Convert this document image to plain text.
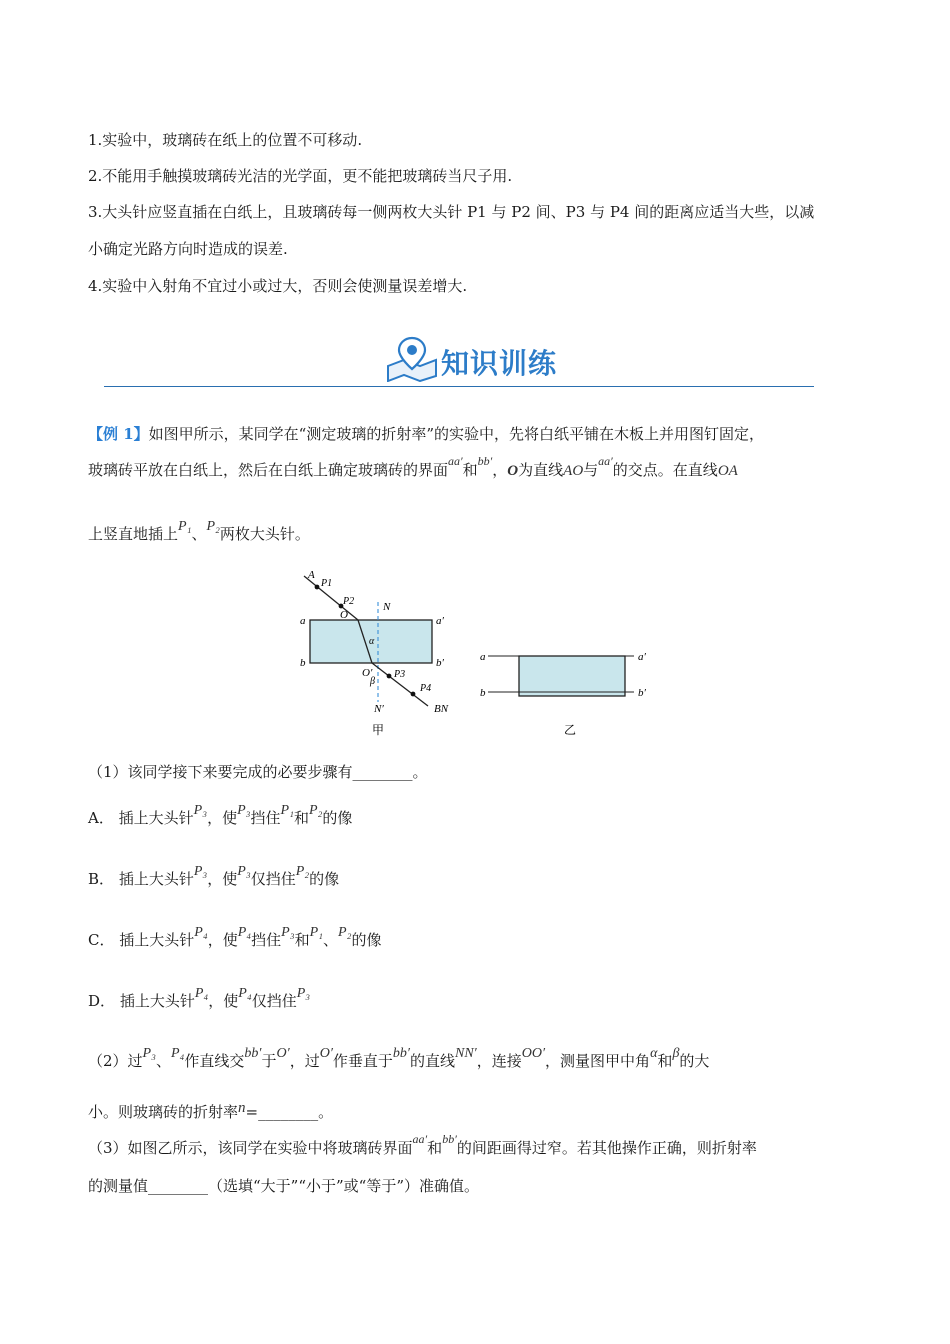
1.实验中，玻璃砖在纸上的位置不可移动.
2.不能用手触摸玻璃砖光洁的光学面，更不能把玻璃砖当尺子用.
3.大头针应竖直插在白纸上，且玻璃砖每一侧两枚大头针 P1 与 P2 间、P3 与 P4 间的距离应适当大些，以减
小确定光路方向时造成的误差.
4.实验中入射角不宜过小或过大，否则会使测量误差增大.
知识训练
【例 1】如图甲所示，某同学在“测定玻璃的折射率”的实验中，先将白纸平铺在木板上并用图钉固定，
玻璃砖平放在白纸上，然后在白纸上确定玻璃砖的界面$^{aa'}$和$^{bb'}$，O为直线AO与$^{aa'}$的交点。在直线OA
上竖直地插上P₁、P₂两枚大头针。
A
P1
P2
O
N
a	a′
b	b′
α
O′ P3
β
P4
BN
N′
甲
a	a′
b	b′
乙
（1）该同学接下来要完成的必要步骤有________。
A． 插上大头针P₃，使P₃挡住P₁和P₂的像
B． 插上大头针P₃，使P₃仅挡住P₂的像
C． 插上大头针P₄，使P₄挡住P₃和P₁、P₂的像
D． 插上大头针P₄，使P₄仅挡住P₃
（2）过P₃、P₄作直线交bb′于O′，过O′作垂直于bb′的直线NN′，连接OO′，测量图甲中角α和β的大
小。则玻璃砖的折射率n=________。
（3）如图乙所示，该同学在实验中将玻璃砖界面$^{aa'}$和$^{bb'}$的间距画得过窄。若其他操作正确，则折射率
的测量值________（选填“大于”“小于”或“等于”）准确值。
